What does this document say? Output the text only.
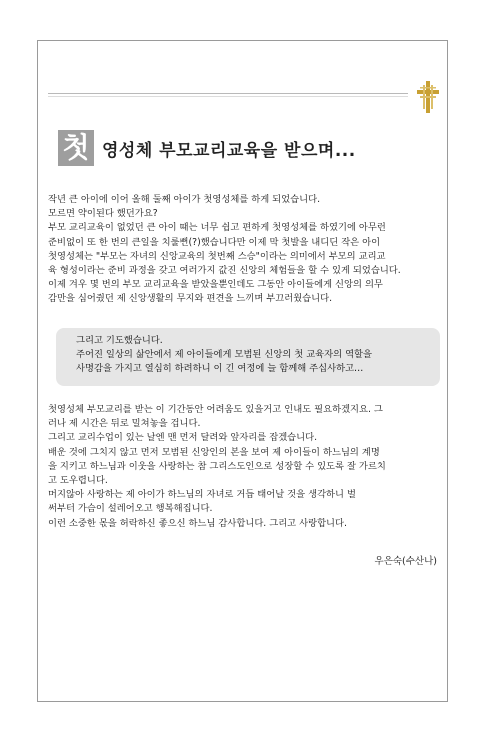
첫 영성체 부모교리교육을 받으며...

작년 큰 아이에 이어 올해 둘째 아이가 첫영성체를 하게 되었습니다.

모르면 약이된다 했던가요?

부모 교리교육이 없었던 큰 아이 때는 너무 쉽고 편하게 첫영성체를 하였기에 아무런

준비없이 또 한 번의 큰일을 치룰뻔(?)했습니다만 이제 막 첫발을 내디딘 작은 아이

첫영성체는 "부모는 자녀의 신앙교육의 첫번째 스승"이라는 의미에서 부모의 교리교

육 형성이라는 준비 과정을 갖고 여러가지 값진 신앙의 체험들을 할 수 있게 되었습니다.

이제 겨우 몇 번의 부모 교리교육을 받았을뿐인데도 그동안 아이들에게 신앙의 의무

감만을 심어줬던 제 신앙생활의 무지와 편견을 느끼며 부끄러웠습니다.

그리고 기도했습니다.

주어진 일상의 삶안에서 제 아이들에게 모범된 신앙의 첫 교육자의 역할을

사명감을 가지고 열심히 하려하니 이 긴 여정에 늘 함께해 주십사하고…

첫영성체 부모교리를 받는 이 기간동안 어려움도 있을거고 인내도 필요하겠지요. 그

러나 제 시간은 뒤로 밀쳐놓을 겁니다.

그리고 교리수업이 있는 날엔 맨 먼저 달려와 앞자리를 잡겠습니다.

배운 것에 그치지 않고 먼저 모범된 신앙인의 본을 보여 제 아이들이 하느님의 계명

을 지키고 하느님과 이웃을 사랑하는 참 그리스도인으로 성장할 수 있도록 잘 가르치

고 도우렵니다.

머지않아 사랑하는 제 아이가 하느님의 자녀로 거듭 태어날 것을 생각하니 벌

써부터 가슴이 설레어오고 행복해집니다.

이런 소중한 몫을 허락하신 좋으신 하느님 감사합니다. 그리고 사랑합니다.

우은숙(수산나)
